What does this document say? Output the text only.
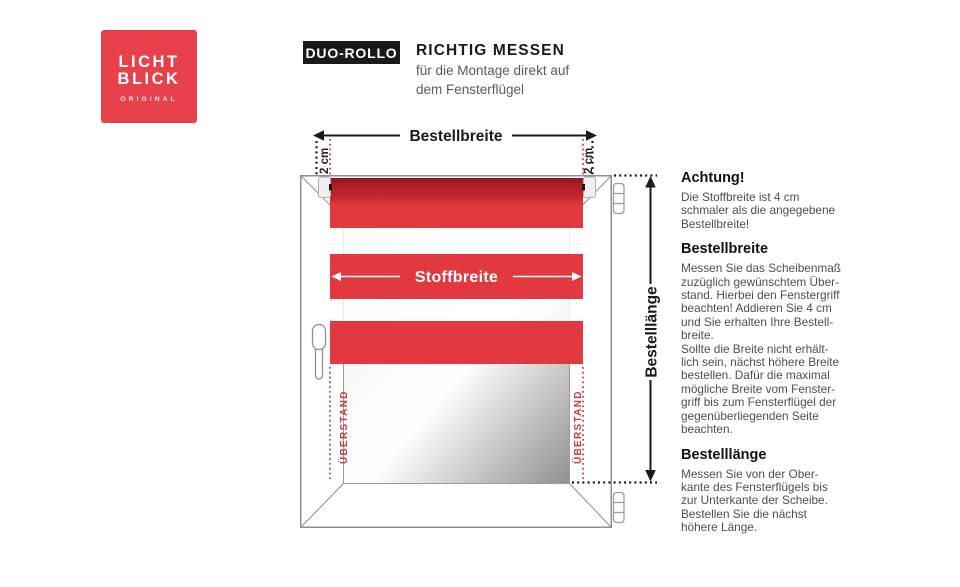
LICHT
BLICK
ORIGINAL
DUO-ROLLO RICHTIG MESSEN

für die Montage direkt auf
dem Fensterflügel

Stoffbreite
Bestellbreite
2 cm	2 cm
ÜBERSTAND	ÜBERSTAND
Bestelllänge
Achtung!
Die Stoffbreite ist 4 cm
schmaler als die angegebene
Bestellbreite!
Bestellbreite
Messen Sie das Scheibenmaß
zuzüglich gewünschtem Über-
stand. Hierbei den Fenstergriff
beachten! Addieren Sie 4 cm
und Sie erhalten Ihre Bestell-
breite.
Sollte die Breite nicht erhält-
lich sein, nächst höhere Breite
bestellen. Dafür die maximal
mögliche Breite vom Fenster-
griff bis zum Fensterflügel der
gegenüberliegenden Seite
beachten.
Bestelllänge
Messen Sie von der Ober-
kante des Fensterflügels bis
zur Unterkante der Scheibe.
Bestellen Sie die nächst
höhere Länge.
